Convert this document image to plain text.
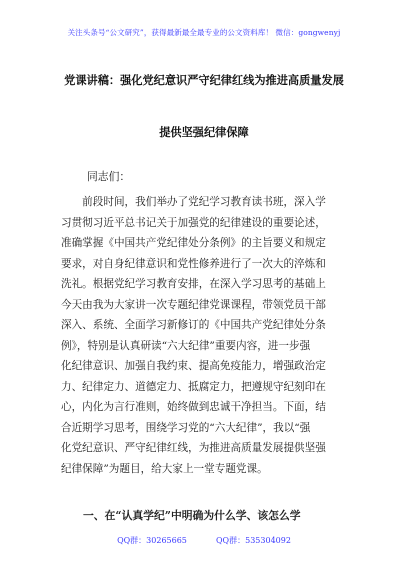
关注头条号“公文研究”，获得最新最全最专业的公文资料库！ 微信：gongwenyj
党课讲稿：强化党纪意识严守纪律红线为推进高质量发展
提供坚强纪律保障
同志们：
　　前段时间，我们举办了党纪学习教育读书班，深入学
习贯彻习近平总书记关于加强党的纪律建设的重要论述，
准确掌握《中国共产党纪律处分条例》的主旨要义和规定
要求，对自身纪律意识和党性修养进行了一次大的淬炼和
洗礼。根据党纪学习教育安排，在深入学习思考的基础上
今天由我为大家讲一次专题纪律党课课程，带领党员干部
深入、系统、全面学习新修订的《中国共产党纪律处分条
例》，特别是认真研读“六大纪律”重要内容，进一步强
化纪律意识、加强自我约束、提高免疫能力，增强政治定
力、纪律定力、道德定力、抵腐定力，把遵规守纪刻印在
心，内化为言行准则，始终做到忠诚干净担当。下面，结
合近期学习思考，围绕学习党的“六大纪律”，我以“强
化党纪意识、严守纪律红线，为推进高质量发展提供坚强
纪律保障”为题目，给大家上一堂专题党课。
一、在“认真学纪”中明确为什么学、该怎么学
QQ群：30265665	QQ群：535304092
